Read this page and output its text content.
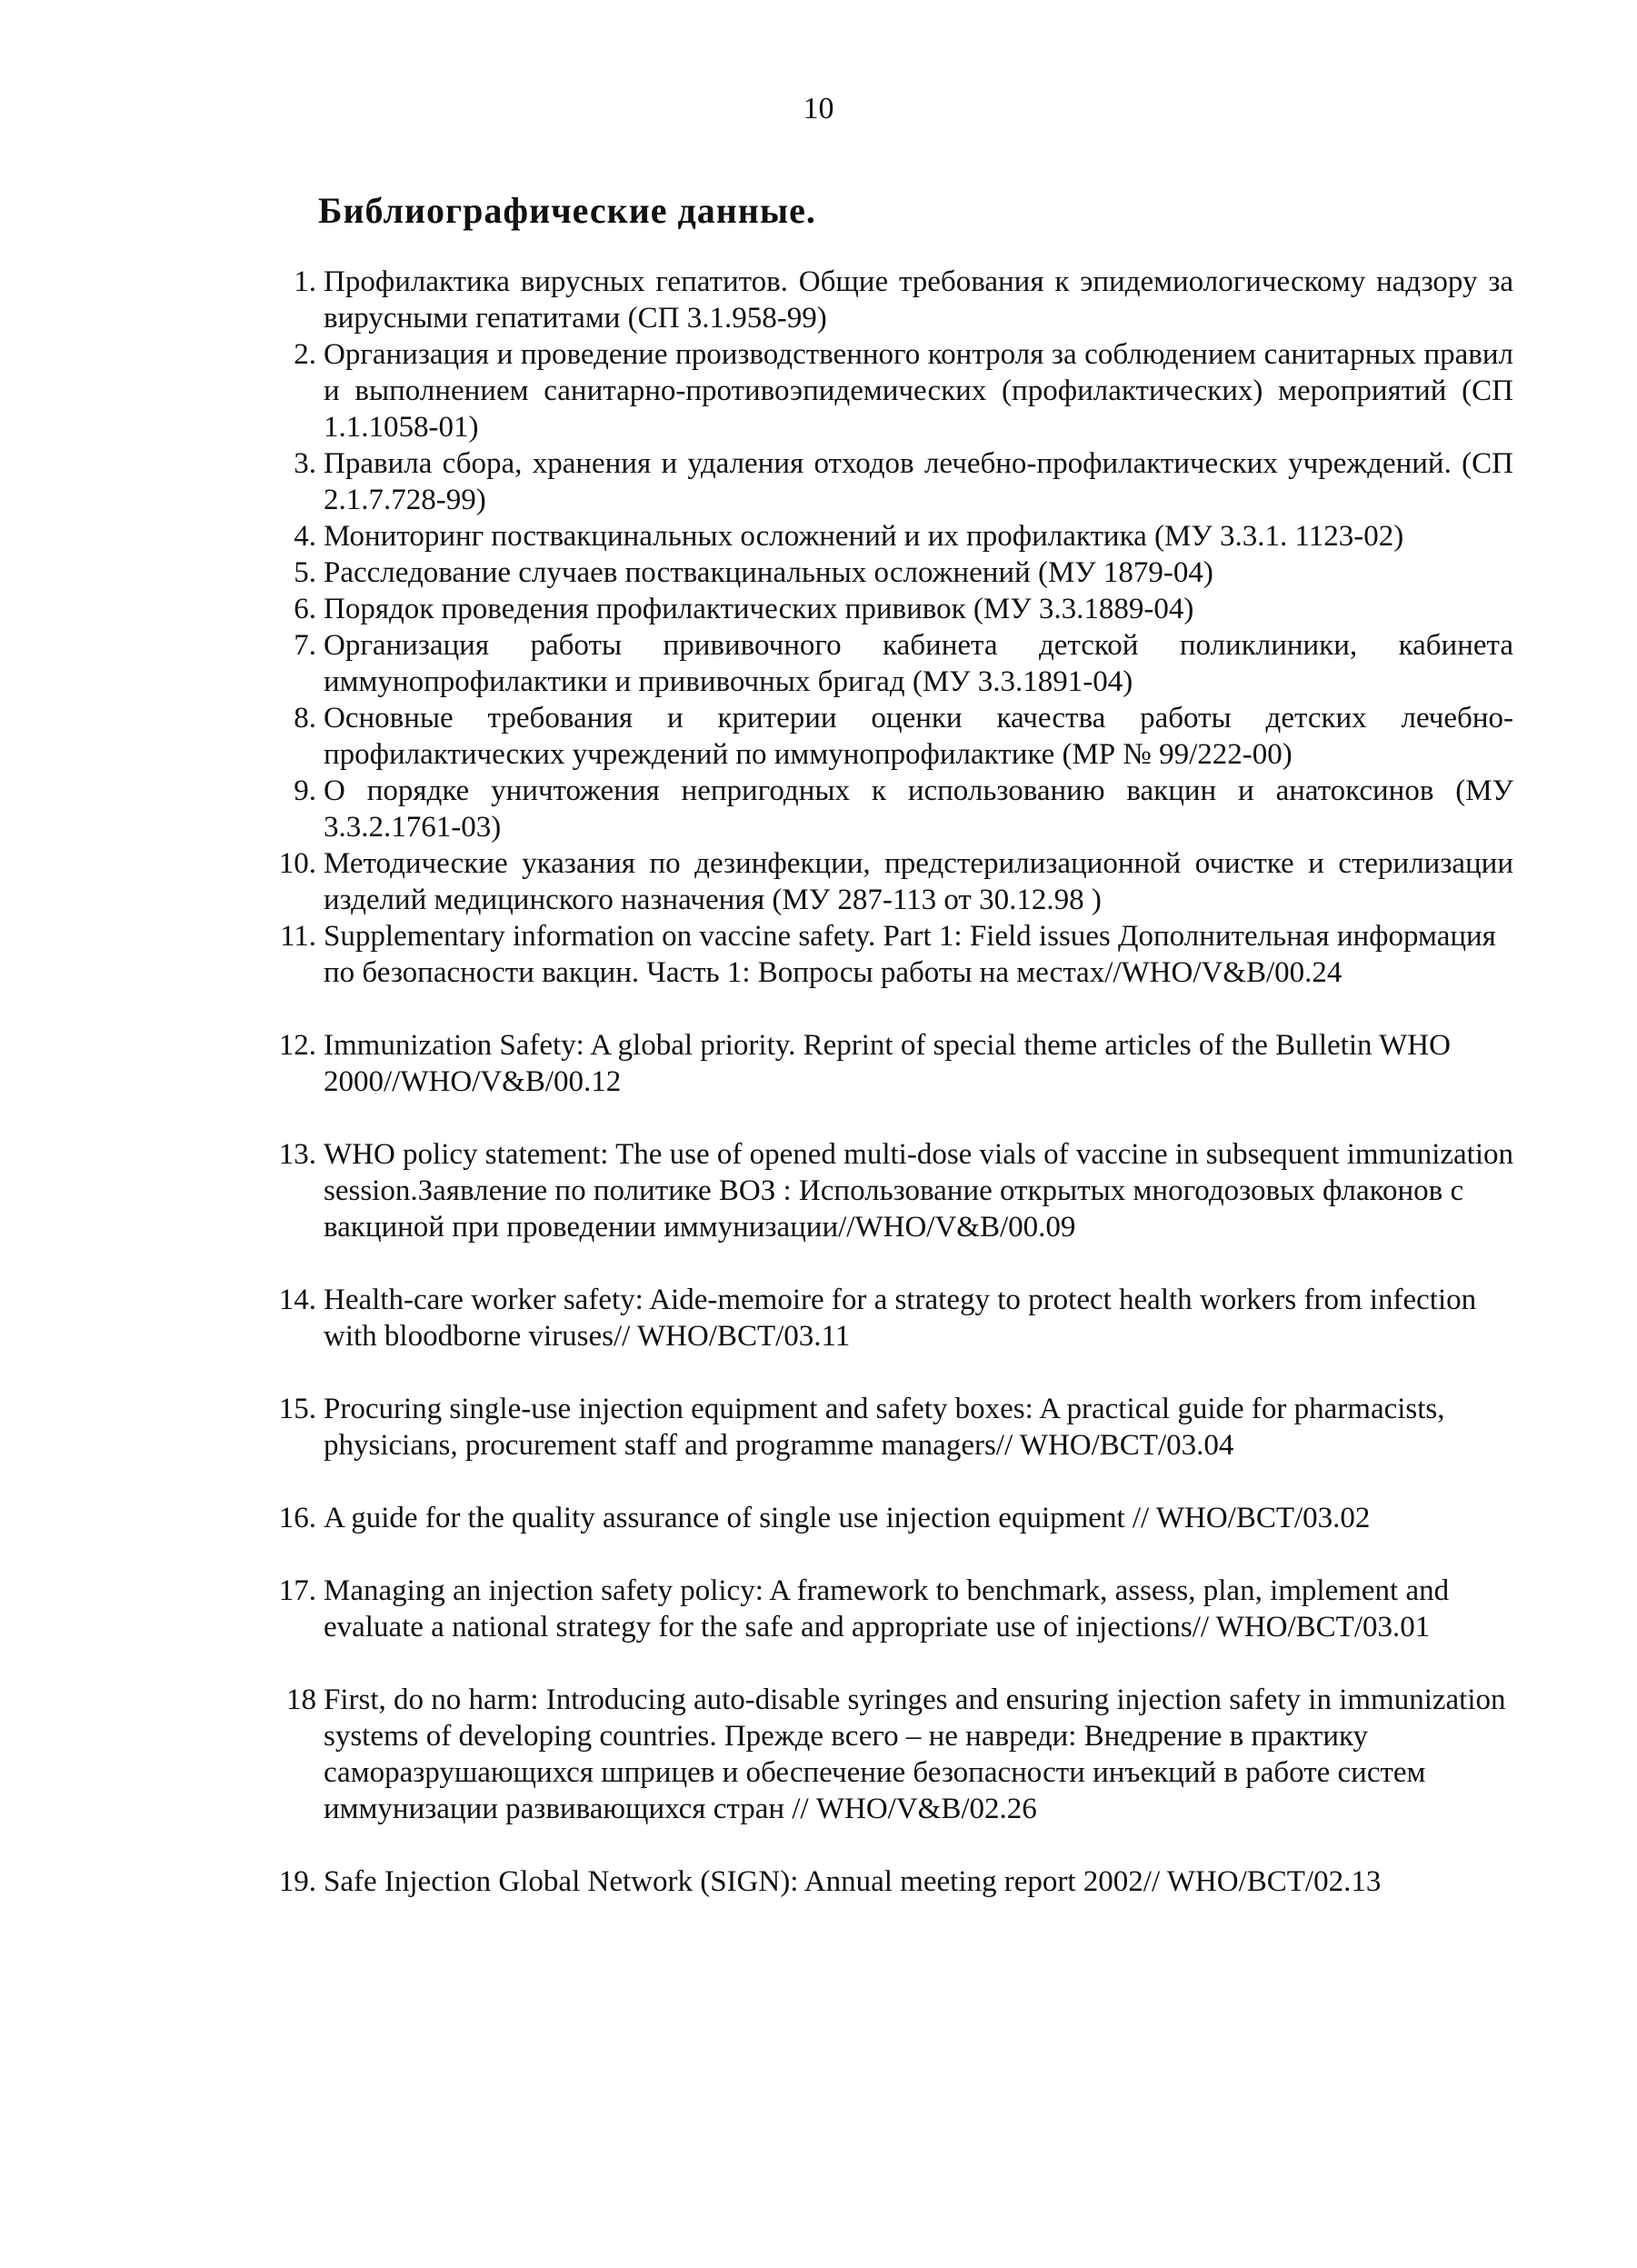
10
Библиографические данные.
1. Профилактика вирусных гепатитов. Общие требования к эпидемиологическому надзору за вирусными гепатитами (СП 3.1.958-99)
2. Организация и проведение производственного контроля за соблюдением санитарных правил и выполнением санитарно-противоэпидемических (профилактических) мероприятий (СП 1.1.1058-01)
3. Правила сбора, хранения и удаления отходов лечебно-профилактических учреждений. (СП 2.1.7.728-99)
4. Мониторинг поствакцинальных осложнений и их профилактика (МУ 3.3.1. 1123-02)
5. Расследование случаев поствакцинальных осложнений (МУ 1879-04)
6. Порядок проведения профилактических прививок (МУ 3.3.1889-04)
7. Организация работы прививочного кабинета детской поликлиники, кабинета иммунопрофилактики и прививочных бригад (МУ 3.3.1891-04)
8. Основные требования и критерии оценки качества работы детских лечебно-профилактических учреждений по иммунопрофилактике (МР № 99/222-00)
9. О порядке уничтожения непригодных к использованию вакцин и анатоксинов (МУ 3.3.2.1761-03)
10. Методические указания по дезинфекции, предстерилизационной очистке и стерилизации изделий медицинского назначения (МУ 287-113 от 30.12.98 )
11. Supplementary information on vaccine safety. Part 1: Field issues Дополнительная информация по безопасности вакцин. Часть 1: Вопросы работы на местах//WHO/V&B/00.24
12. Immunization Safety: A global priority. Reprint of special theme articles of the Bulletin WHO 2000//WHO/V&B/00.12
13. WHO policy statement: The use of opened multi-dose vials of vaccine in subsequent immunization session.Заявление по политике ВОЗ : Использование открытых многодозовых флаконов с вакциной при проведении иммунизации//WHO/V&B/00.09
14. Health-care worker safety: Aide-memoire for a strategy to protect health workers from infection with bloodborne viruses// WHO/BCT/03.11
15. Procuring single-use injection equipment and safety boxes: A practical guide for pharmacists, physicians, procurement staff and programme managers// WHO/BCT/03.04
16. A guide for the quality assurance of single use injection equipment // WHO/BCT/03.02
17. Managing an injection safety policy: A framework to benchmark, assess, plan, implement and evaluate a national strategy for the safe and appropriate use of injections// WHO/BCT/03.01
18 First, do no harm: Introducing auto-disable syringes and ensuring injection safety in immunization systems of developing countries. Прежде всего – не навреди: Внедрение в практику саморазрушающихся шприцев и обеспечение безопасности инъекций в работе систем иммунизации развивающихся стран // WHO/V&B/02.26
19. Safe Injection Global Network (SIGN): Annual meeting report 2002// WHO/BCT/02.13
